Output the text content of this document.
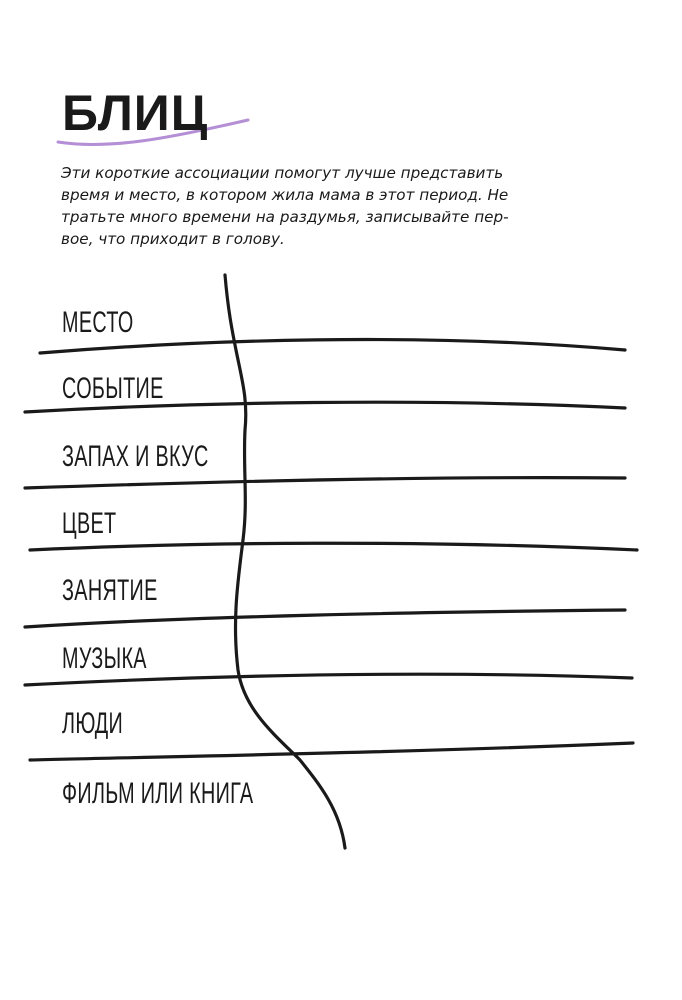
БЛИЦ
Эти короткие ассоциации помогут лучше представить
время и место, в котором жила мама в этот период. Не
тратьте много времени на раздумья, записывайте пер-
вое, что приходит в голову.
МЕСТО
СОБЫТИЕ
ЗАПАХ И ВКУС
ЦВЕТ
ЗАНЯТИЕ
МУЗЫКА
ЛЮДИ
ФИЛЬМ ИЛИ КНИГА
